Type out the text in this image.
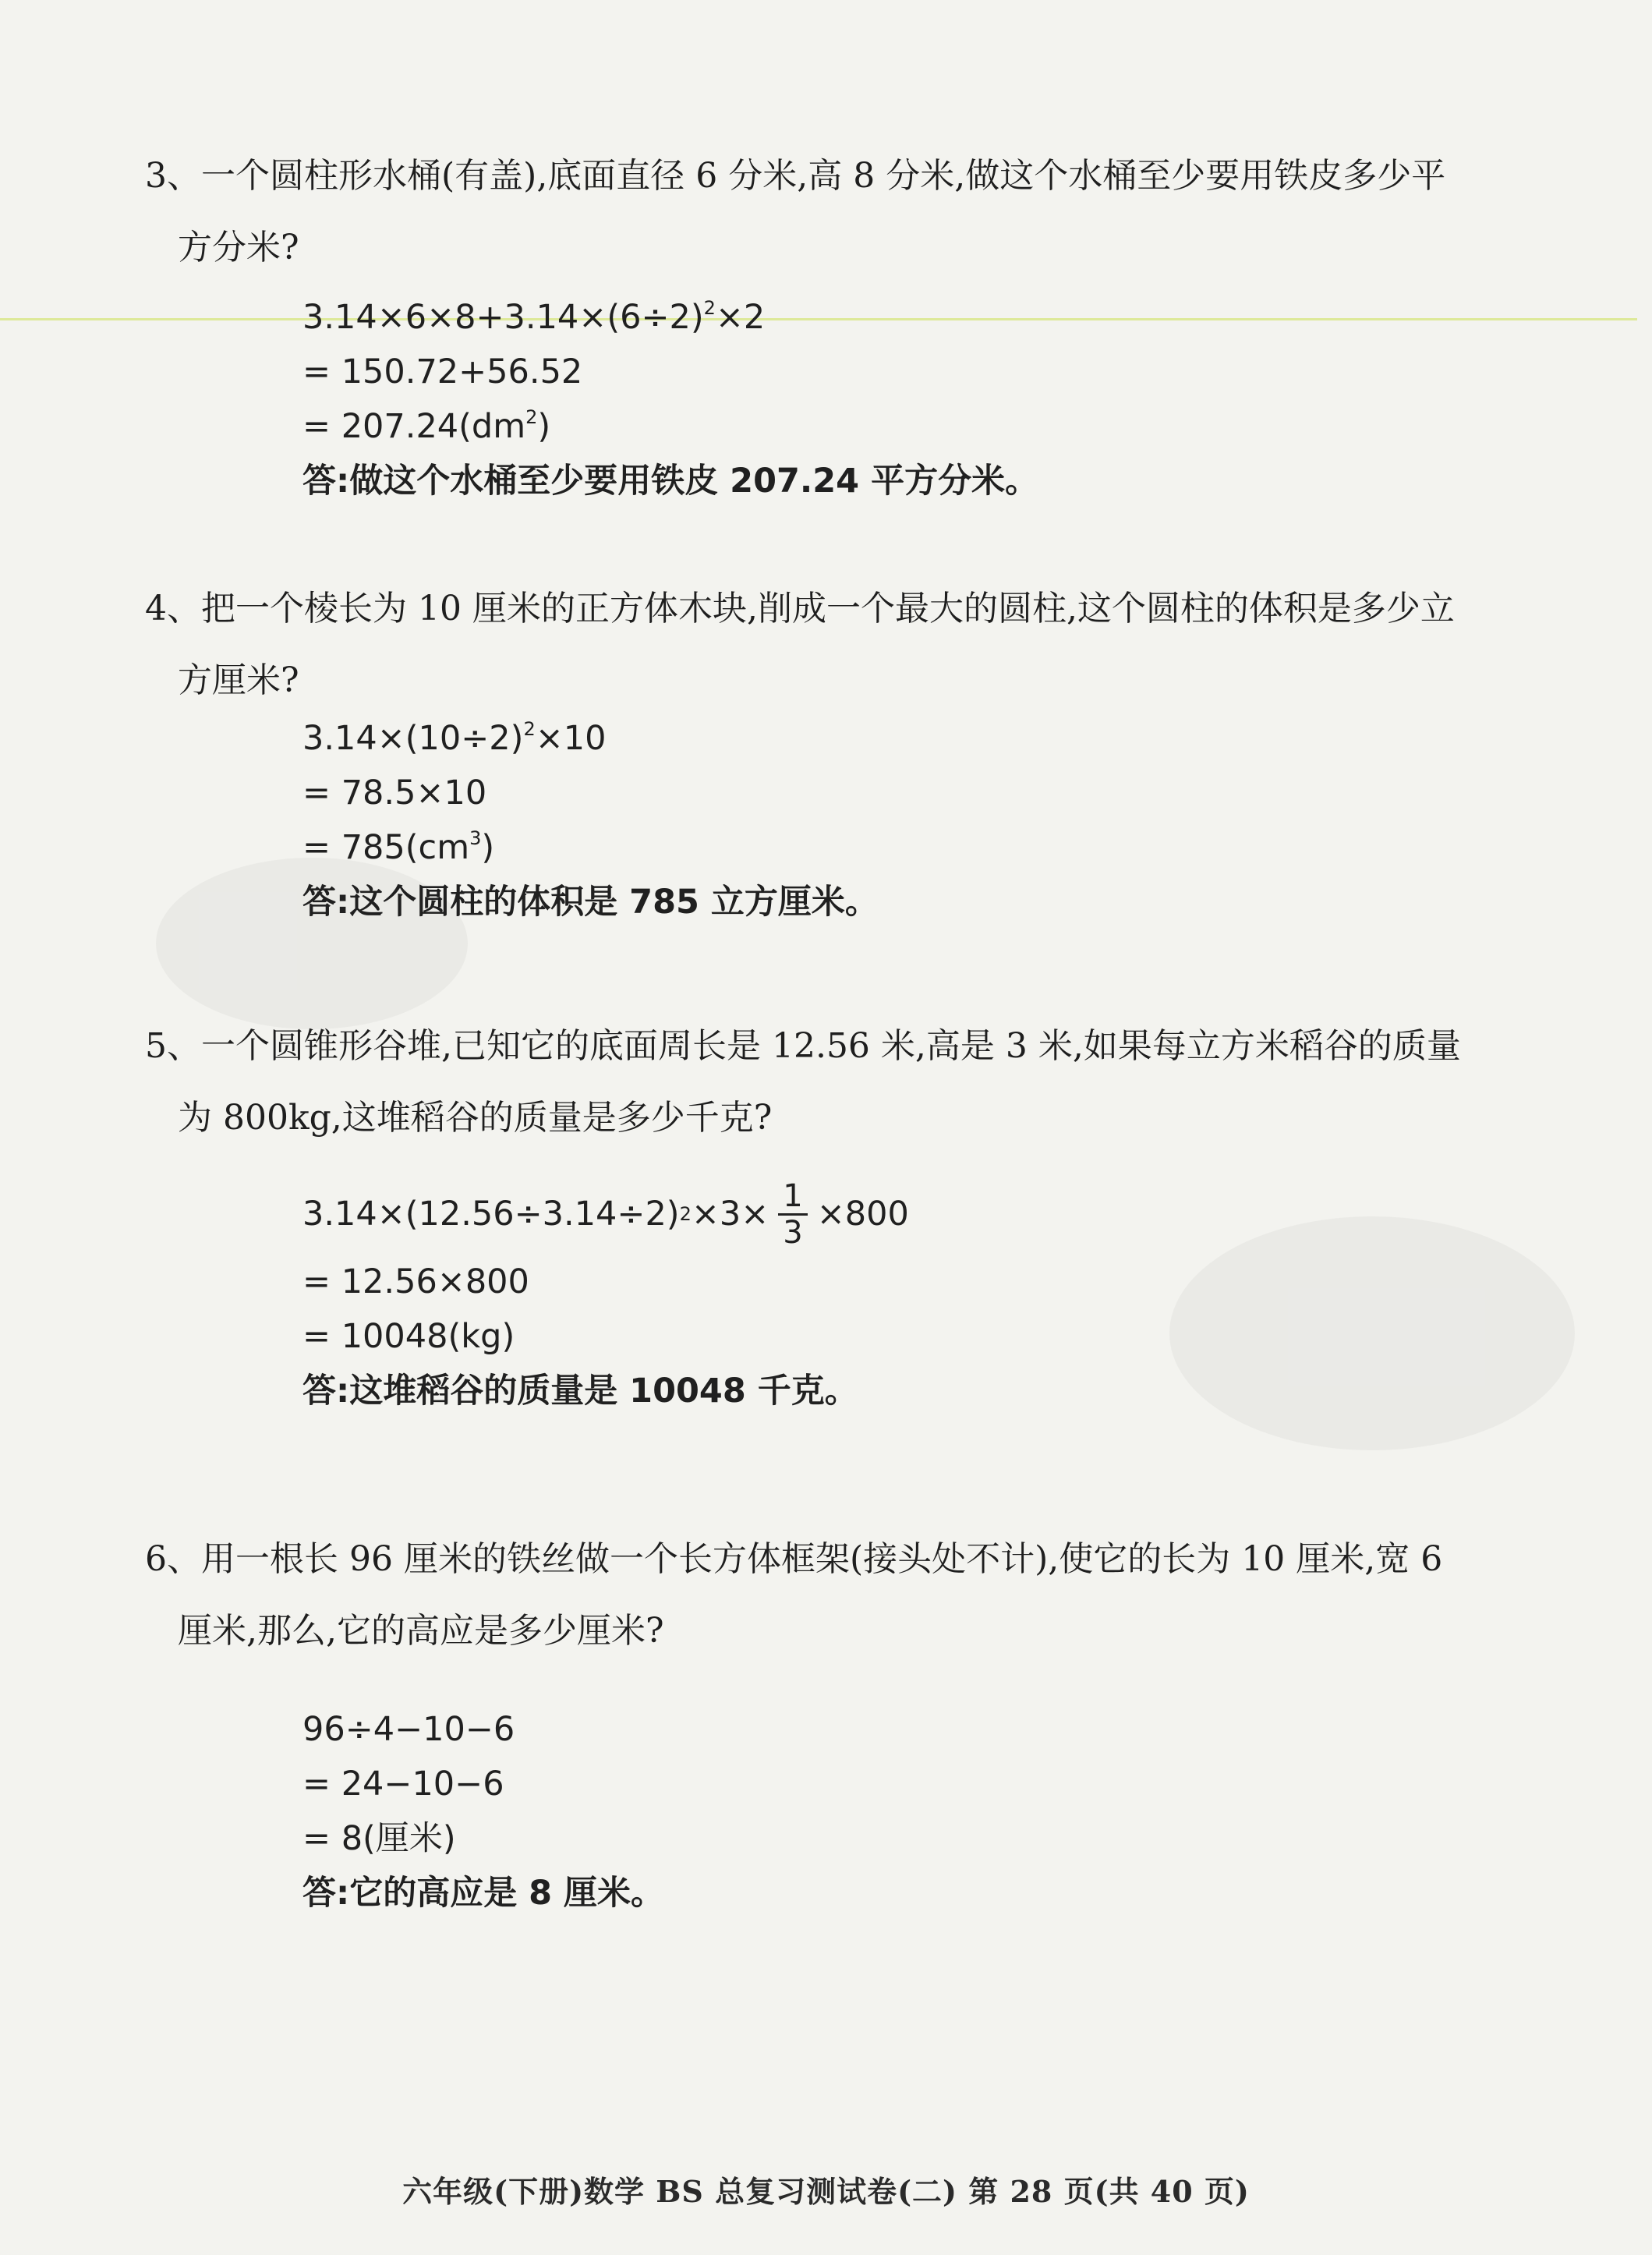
3、一个圆柱形水桶(有盖),底面直径 6 分米,高 8 分米,做这个水桶至少要用铁皮多少平
方分米?
$3.14\times 6\times 8+3.14\times(6\div 2)^2\times 2$
= 150.72+56.52
= $207.24(dm^2)$
答:做这个水桶至少要用铁皮 207.24 平方分米。
4、把一个棱长为 10 厘米的正方体木块,削成一个最大的圆柱,这个圆柱的体积是多少立
方厘米?
$3.14\times(10\div 2)^2\times 10$
= 78.5×10
= $785(cm^3)$
答:这个圆柱的体积是 785 立方厘米。
5、一个圆锥形谷堆,已知它的底面周长是 12.56 米,高是 3 米,如果每立方米稻谷的质量
为 800kg,这堆稻谷的质量是多少千克?
3.14×(12.56÷3.14÷2) $2 \times 3\times \frac{1}{3} \times 800$
= 12.56×800
= 10048(kg)
答:这堆稻谷的质量是 10048 千克。
6、用一根长 96 厘米的铁丝做一个长方体框架(接头处不计),使它的长为 10 厘米,宽 6
厘米,那么,它的高应是多少厘米?
96÷4−10−6
= 24−10−6
= 8(厘米)
答:它的高应是 8 厘米。
六年级(下册)数学 BS 总复习测试卷(二) 第 28 页(共 40 页)
